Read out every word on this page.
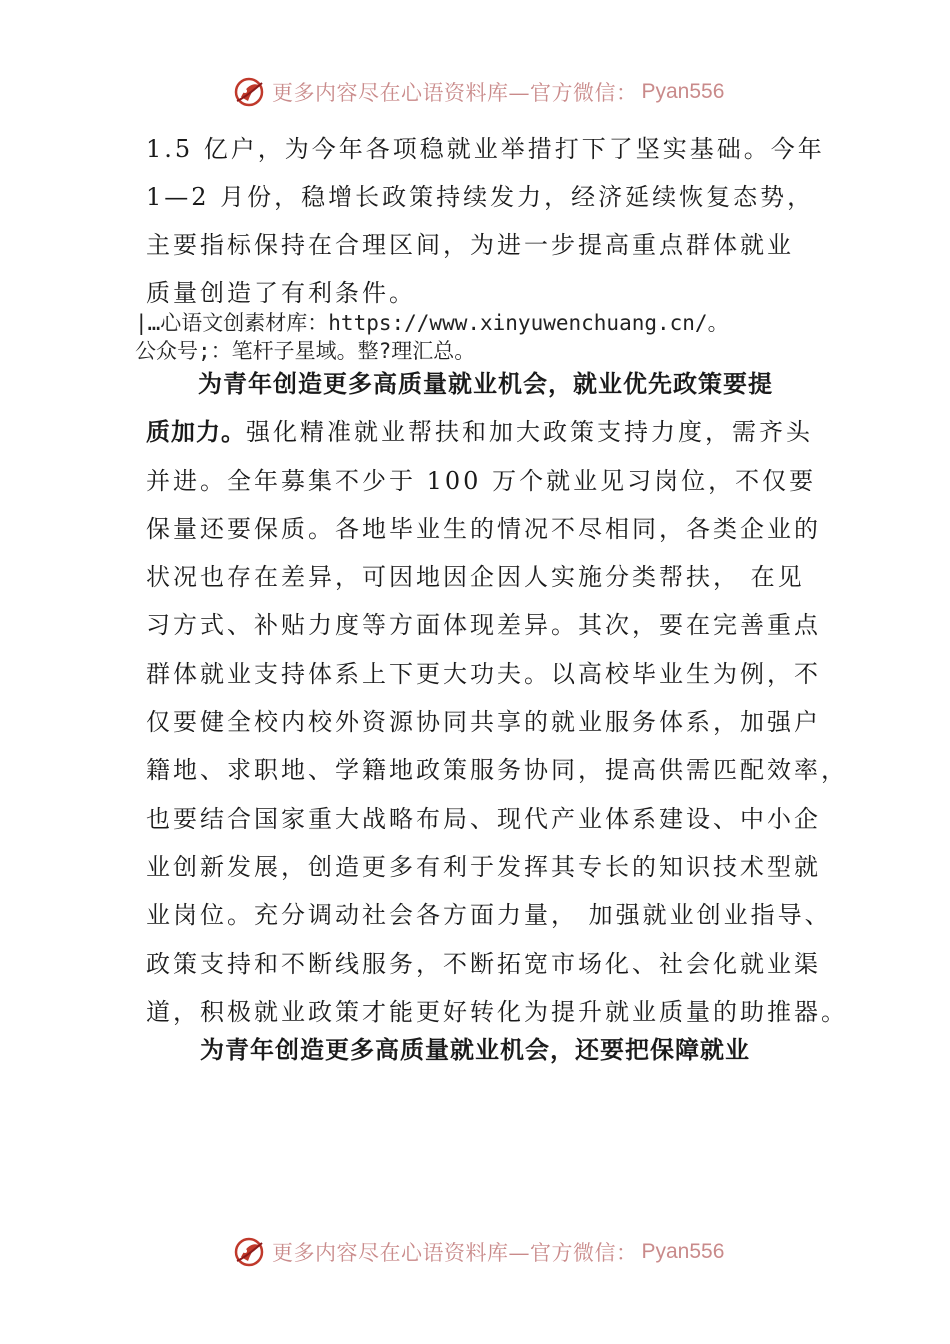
更多内容尽在心语资料库—官方微信： Pyan556
1.5 亿户，为今年各项稳就业举措打下了坚实基础。今年
1—2 月份，稳增长政策持续发力，经济延续恢复态势，
主要指标保持在合理区间，为进一步提高重点群体就业
质量创造了有利条件。
|…心语文创素材库：https://www.xinyuwenchuang.cn/。
公众号;：笔杆子星域。整?理汇总。
为青年创造更多高质量就业机会，就业优先政策要提
质加力。强化精准就业帮扶和加大政策支持力度，需齐头
并进。全年募集不少于 100 万个就业见习岗位，不仅要
保量还要保质。各地毕业生的情况不尽相同，各类企业的
状况也存在差异，可因地因企因人实施分类帮扶， 在见
习方式、补贴力度等方面体现差异。其次，要在完善重点
群体就业支持体系上下更大功夫。以高校毕业生为例，不
仅要健全校内校外资源协同共享的就业服务体系，加强户
籍地、求职地、学籍地政策服务协同，提高供需匹配效率，
也要结合国家重大战略布局、现代产业体系建设、中小企
业创新发展，创造更多有利于发挥其专长的知识技术型就
业岗位。充分调动社会各方面力量， 加强就业创业指导、
政策支持和不断线服务，不断拓宽市场化、社会化就业渠
道，积极就业政策才能更好转化为提升就业质量的助推器。
为青年创造更多高质量就业机会，还要把保障就业
更多内容尽在心语资料库—官方微信： Pyan556
